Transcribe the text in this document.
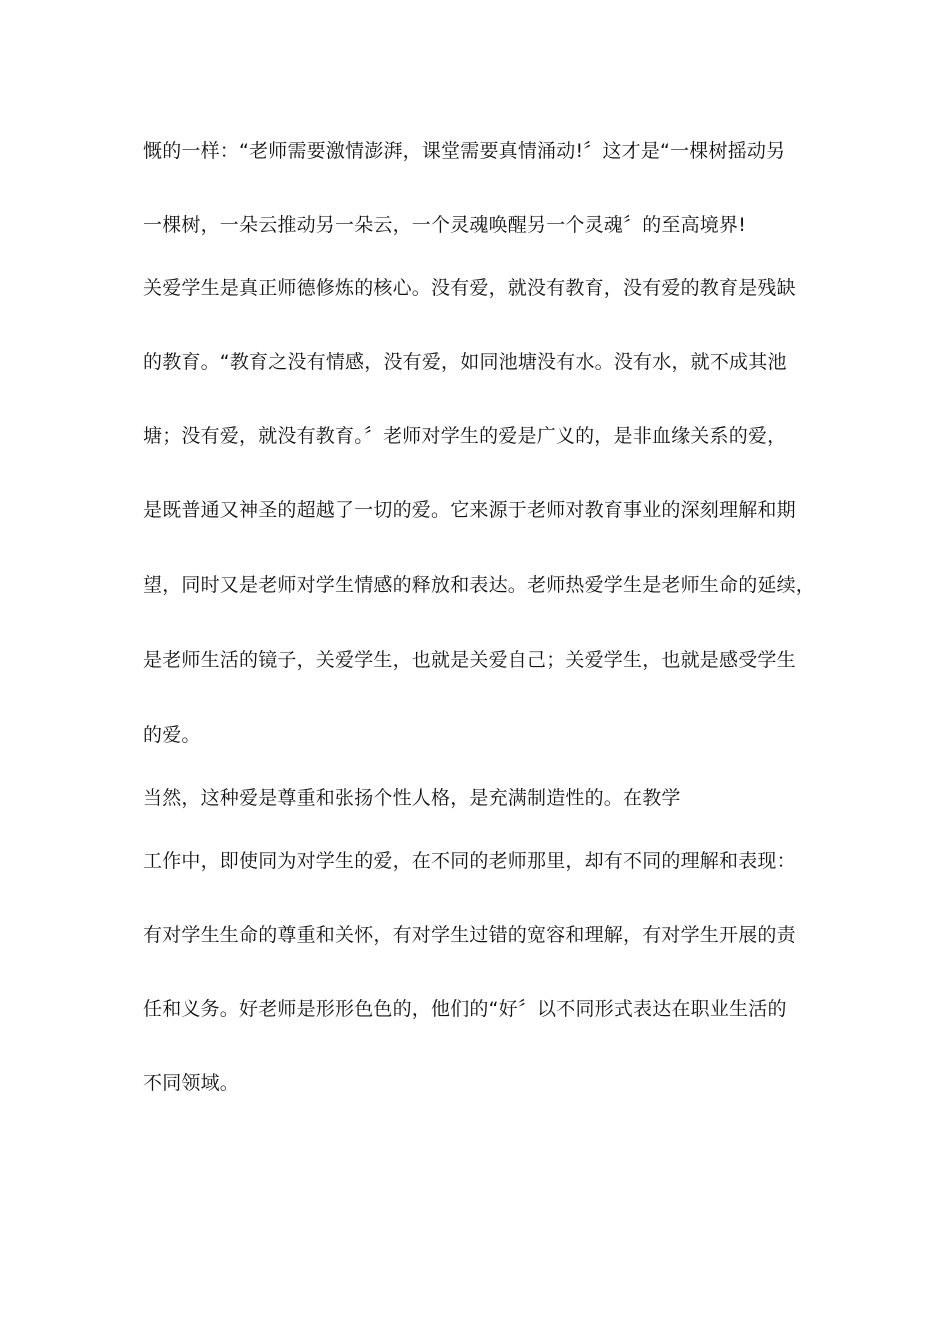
慨的一样：“老师需要激情澎湃，课堂需要真情涌动!〞这才是“一棵树摇动另
一棵树，一朵云推动另一朵云，一个灵魂唤醒另一个灵魂〞的至高境界!
关爱学生是真正师德修炼的核心。没有爱，就没有教育，没有爱的教育是残缺
的教育。“教育之没有情感，没有爱，如同池塘没有水。没有水，就不成其池
塘；没有爱，就没有教育。〞老师对学生的爱是广义的，是非血缘关系的爱，
是既普通又神圣的超越了一切的爱。它来源于老师对教育事业的深刻理解和期
望，同时又是老师对学生情感的释放和表达。老师热爱学生是老师生命的延续，
是老师生活的镜子，关爱学生，也就是关爱自己；关爱学生，也就是感受学生
的爱。
当然，这种爱是尊重和张扬个性人格，是充满制造性的。在教学
工作中，即使同为对学生的爱，在不同的老师那里，却有不同的理解和表现：
有对学生生命的尊重和关怀，有对学生过错的宽容和理解，有对学生开展的责
任和义务。好老师是形形色色的，他们的“好〞以不同形式表达在职业生活的
不同领域。
